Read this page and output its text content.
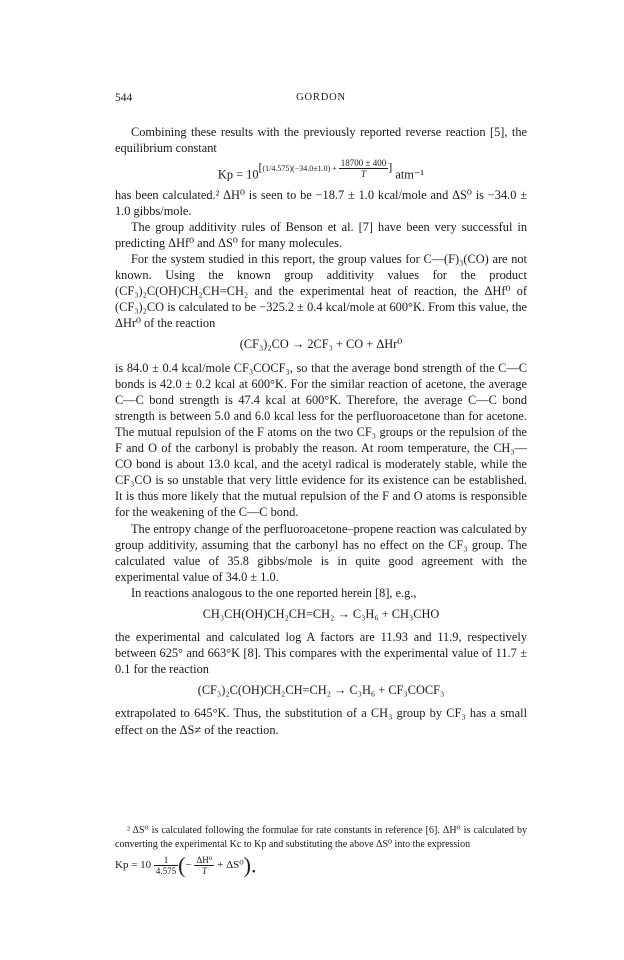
544	GORDON

Combining these results with the previously reported reverse reaction [5], the equilibrium constant

Kp = 10[(1/4.575)(−34.0±1.0) + 18700 ± 400
T ] atm⁻¹

has been calculated.² ΔH⁰ is seen to be −18.7 ± 1.0 kcal/mole and ΔS⁰ is −34.0 ± 1.0 gibbs/mole.

The group additivity rules of Benson et al. [7] have been very successful in predicting ΔHf⁰ and ΔS⁰ for many molecules.

For the system studied in this report, the group values for C—(F)₃(CO) are not known. Using the known group additivity values for the product (CF₃)₂C(OH)CH₂CH=CH₂ and the experimental heat of reaction, the ΔHf⁰ of (CF₃)₂CO is calculated to be −325.2 ± 0.4 kcal/mole at 600°K. From this value, the ΔHr⁰ of the reaction

(CF₃)₂CO → 2CF₃ + CO + ΔHr⁰

is 84.0 ± 0.4 kcal/mole CF₃COCF₃, so that the average bond strength of the C—C bonds is 42.0 ± 0.2 kcal at 600°K. For the similar reaction of acetone, the average C—C bond strength is 47.4 kcal at 600°K. Therefore, the average C—C bond strength is between 5.0 and 6.0 kcal less for the perfluoroacetone than for acetone. The mutual repulsion of the F atoms on the two CF₃ groups or the repulsion of the F and O of the carbonyl is probably the reason. At room temperature, the CH₃—CO bond is about 13.0 kcal, and the acetyl radical is moderately stable, while the CF₃CO is so unstable that very little evidence for its existence can be established. It is thus more likely that the mutual repulsion of the F and O atoms is responsible for the weakening of the C—C bond.

The entropy change of the perfluoroacetone–propene reaction was calculated by group additivity, assuming that the carbonyl has no effect on the CF₃ group. The calculated value of 35.8 gibbs/mole is in quite good agreement with the experimental value of 34.0 ± 1.0.

In reactions analogous to the one reported herein [8], e.g.,

CH₃CH(OH)CH₂CH=CH₂ → C₃H₆ + CH₃CHO

the experimental and calculated log A factors are 11.93 and 11.9, respectively between 625° and 663°K [8]. This compares with the experimental value of 11.7 ± 0.1 for the reaction

(CF₃)₂C(OH)CH₂CH=CH₂ → C₃H₆ + CF₃COCF₃

extrapolated to 645°K. Thus, the substitution of a CH₃ group by CF₃ has a small effect on the ΔS≠ of the reaction.

² ΔS⁰ is calculated following the formulae for rate constants in reference [6]. ΔH⁰ is calculated by converting the experimental Kc to Kp and substituting the above ΔS⁰ into the expression

$Kp = 10 \frac{1}{4.575}$ (− $\frac{\text{ΔH⁰}}{T} + \Delta S^0$).
